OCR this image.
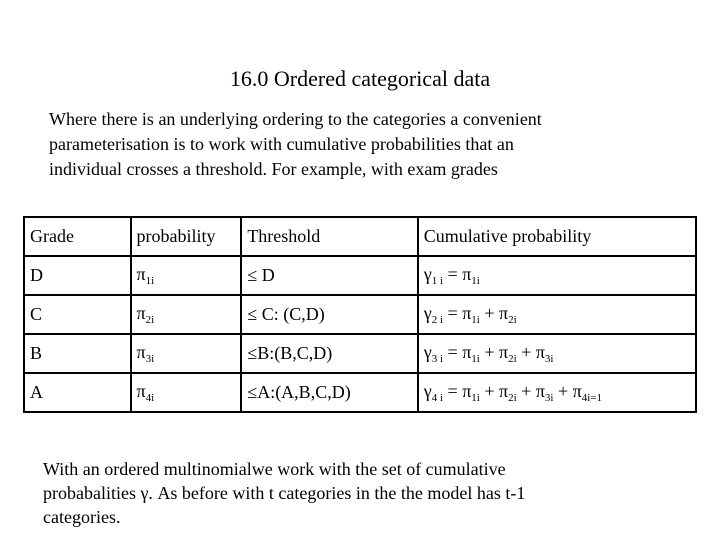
16.0 Ordered categorical data
Where there is an underlying ordering to the categories a convenient
parameterisation is to work with cumulative probabilities that an
individual crosses a threshold. For example, with exam grades
Grade	probability	Threshold	Cumulative probability
D	$\pi_{1i}$	≤ D	$\gamma_{1 i} = \pi_{1i}$
C	$\pi_{2i}$	≤ C: (C,D)	$\gamma_{2 i} = \pi_{1i} + \pi_{2i}$
B	$\pi_{3i}$	≤B:(B,C,D)	$\gamma_{3 i} = \pi_{1i} + \pi_{2i} + \pi_{3i}$
A	$\pi_{4i}$	≤A:(A,B,C,D)	$\gamma_{4 i} = \pi_{1i} + \pi_{2i} + \pi_{3i} + \pi_{4i=1}$
With an ordered multinomialwe work with the set of cumulative
probabalities γ. As before with t categories in the the model has t-1
categories.
